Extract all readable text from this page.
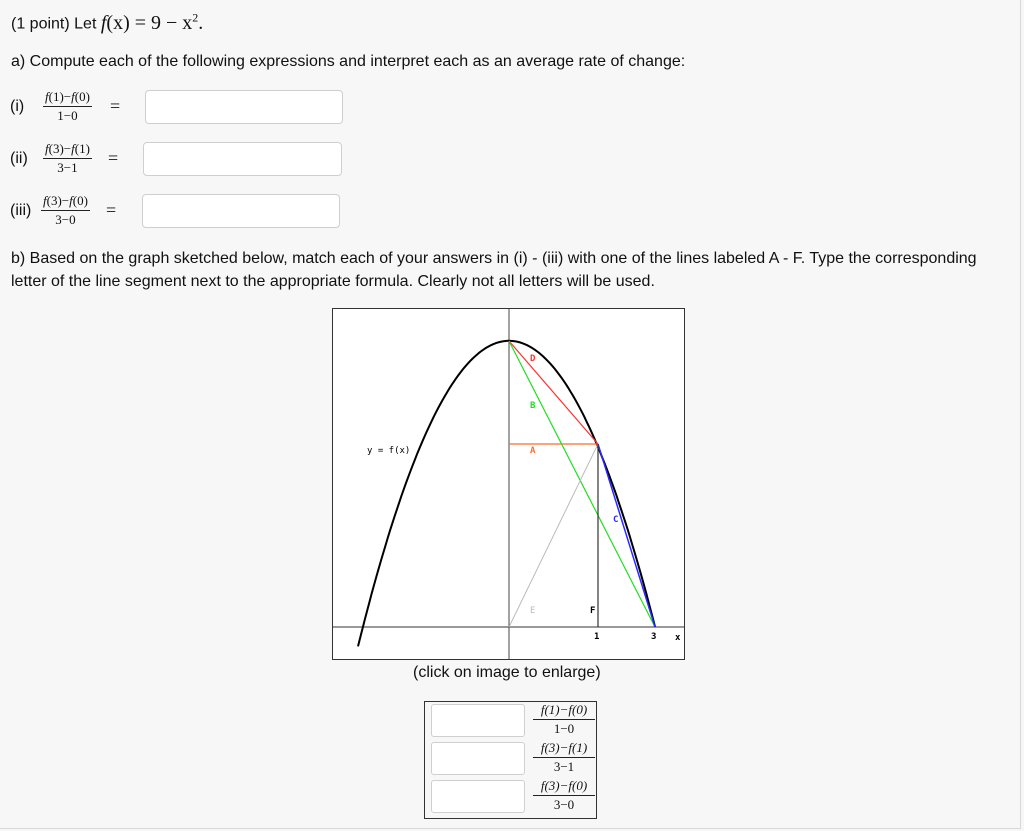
(1 point) Let $f(x) = 9 - x^2$.
a) Compute each of the following expressions and interpret each as an average rate of change:
$(i) \frac{f(1)-f(0)}{1-0}$ =
$(ii) \frac{f(3)-f(1)}{3-1}$ =
$(iii) \frac{f(3)-f(0)}{3-0}$ =
b) Based on the graph sketched below, match each of your answers in (i) - (iii) with one of the lines labeled A - F. Type the corresponding letter of the line segment next to the appropriate formula. Clearly not all letters will be used.
y = f(x)
D
B
A
C
E	F
1	3 x
(click on image to enlarge)
$\frac{f(1)-f(0)}{1-0}$
$\frac{f(3)-f(1)}{3-1}$
$\frac{f(3)-f(0)}{3-0}$
